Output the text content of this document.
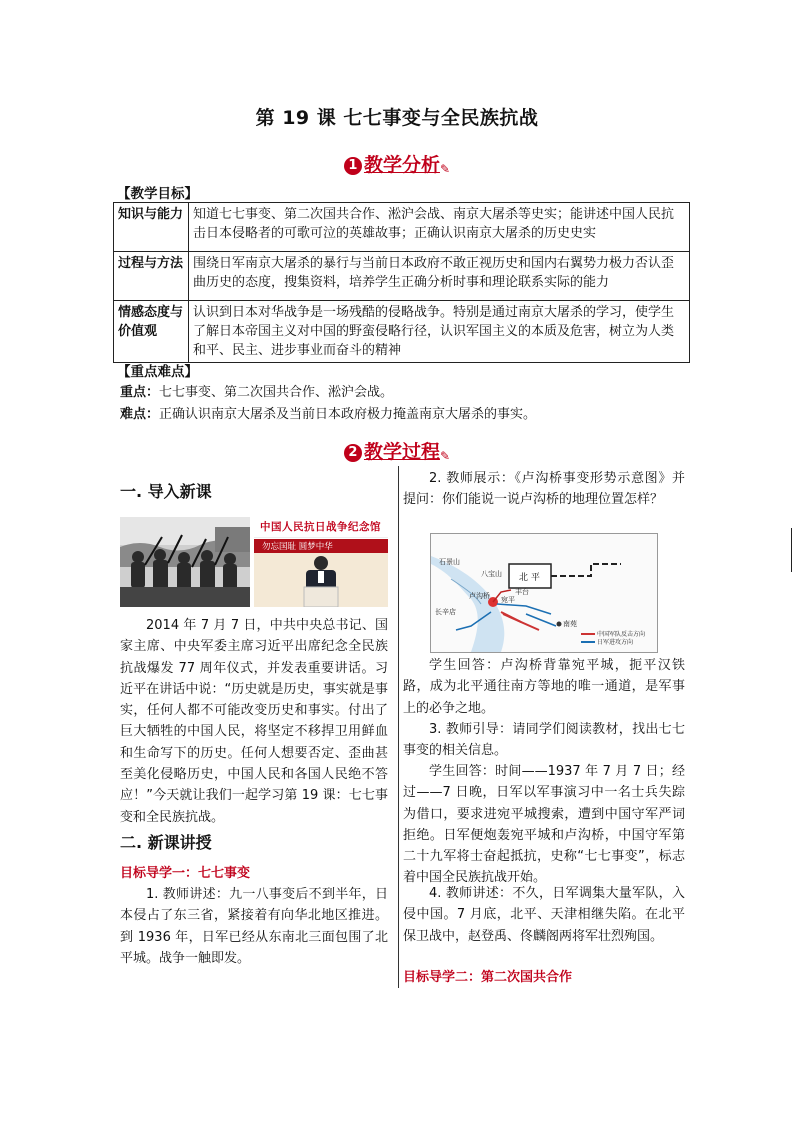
第 19 课 七七事变与全民族抗战
1 教学分析✎
【教学目标】
知识与能力	知道七七事变、第二次国共合作、淞沪会战、南京大屠杀等史实；能讲述中国人民抗击日本侵略者的可歌可泣的英雄故事；正确认识南京大屠杀的历史史实
过程与方法	围绕日军南京大屠杀的暴行与当前日本政府不敢正视历史和国内右翼势力极力否认歪曲历史的态度，搜集资料，培养学生正确分析时事和理论联系实际的能力
情感态度与价值观	认识到日本对华战争是一场残酷的侵略战争。特别是通过南京大屠杀的学习，使学生了解日本帝国主义对中国的野蛮侵略行径，认识军国主义的本质及危害，树立为人类和平、民主、进步事业而奋斗的精神
【重点难点】
重点：七七事变、第二次国共合作、淞沪会战。
难点：正确认识南京大屠杀及当前日本政府极力掩盖南京大屠杀的事实。
2 教学过程✎
一. 导入新课
中国人民抗日战争纪念馆
勿忘国耻 圆梦中华
2014 年 7 月 7 日，中共中央总书记、国家主席、中央军委主席习近平出席纪念全民族抗战爆发 77 周年仪式，并发表重要讲话。习近平在讲话中说：“历史就是历史，事实就是事实，任何人都不可能改变历史和事实。付出了巨大牺牲的中国人民，将坚定不移捍卫用鲜血和生命写下的历史。任何人想要否定、歪曲甚至美化侵略历史，中国人民和各国人民绝不答应！”今天就让我们一起学习第 19 课：七七事变和全民族抗战。
二. 新课讲授
目标导学一：七七事变
1. 教师讲述：九一八事变后不到半年，日本侵占了东三省，紧接着有向华北地区推进。到 1936 年，日军已经从东南北三面包围了北平城。战争一触即发。
2. 教师展示：《卢沟桥事变形势示意图》并提问：你们能说一说卢沟桥的地理位置怎样？
北 平
石景山
八宝山
卢沟桥 宛平
丰台
长辛店
南苑
中国军队反击方向
日军进攻方向
学生回答：卢沟桥背靠宛平城，扼平汉铁路，成为北平通往南方等地的唯一通道，是军事上的必争之地。
3. 教师引导：请同学们阅读教材，找出七七事变的相关信息。
学生回答：时间——1937 年 7 月 7 日；经过——7 日晚，日军以军事演习中一名士兵失踪为借口，要求进宛平城搜索，遭到中国守军严词拒绝。日军便炮轰宛平城和卢沟桥，中国守军第二十九军将士奋起抵抗，史称“七七事变”，标志着中国全民族抗战开始。
4. 教师讲述：不久，日军调集大量军队，入侵中国。7 月底，北平、天津相继失陷。在北平保卫战中，赵登禹、佟麟阁两将军壮烈殉国。
目标导学二：第二次国共合作
